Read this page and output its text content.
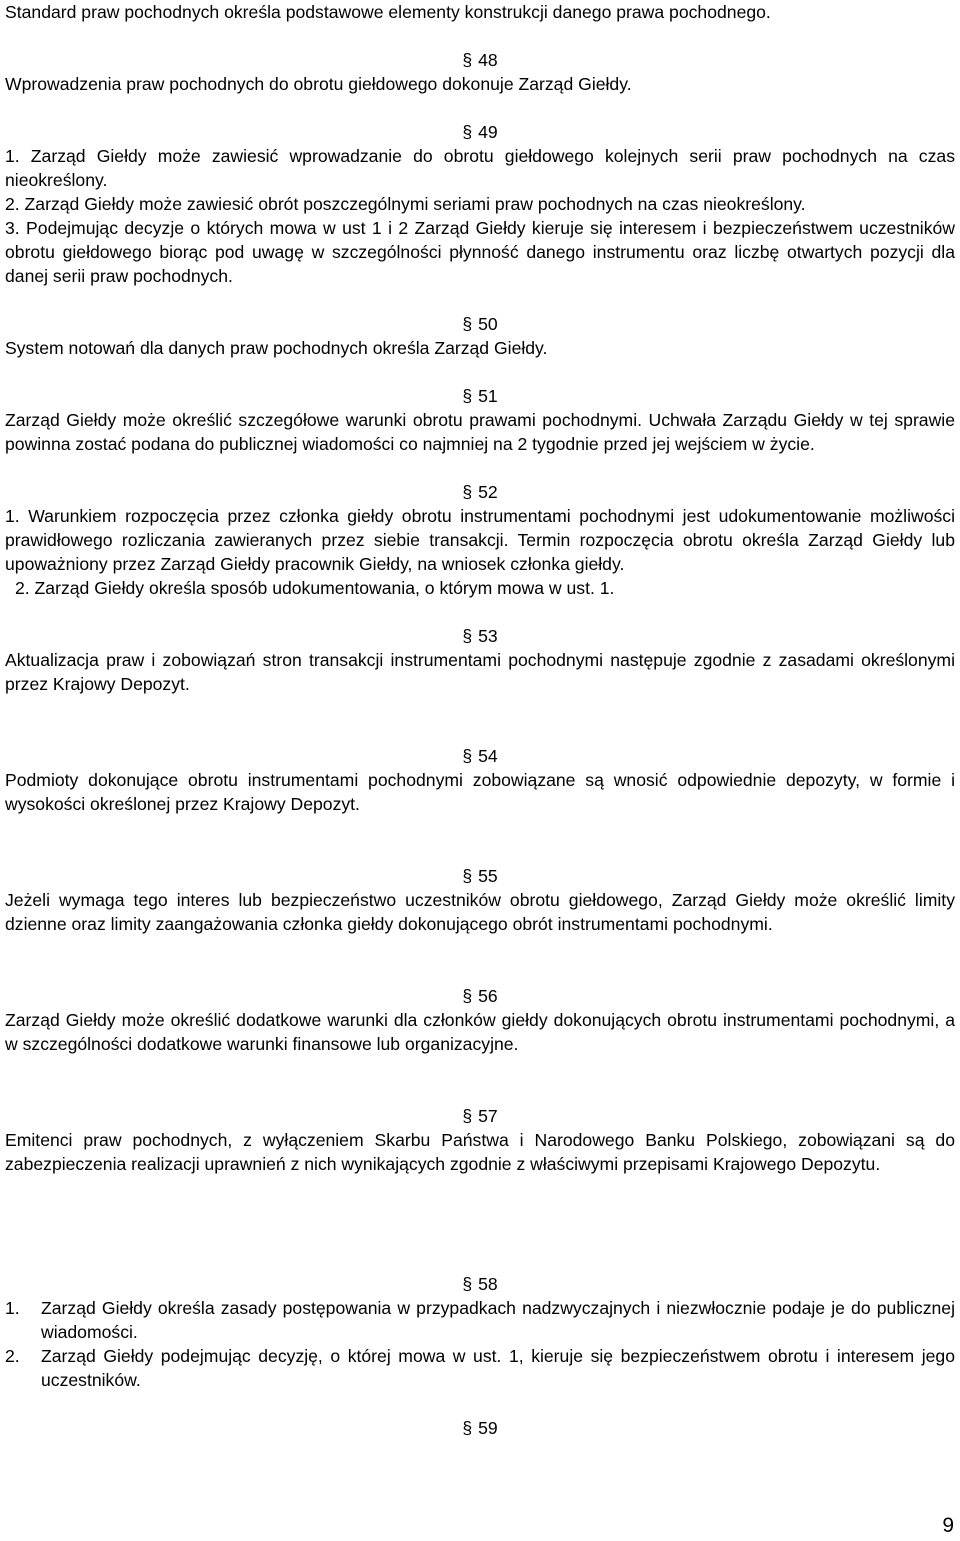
Standard praw pochodnych określa podstawowe elementy konstrukcji danego prawa pochodnego.

§ 48

Wprowadzenia praw pochodnych do obrotu giełdowego dokonuje Zarząd Giełdy.

§ 49

1. Zarząd Giełdy może zawiesić wprowadzanie do obrotu giełdowego kolejnych serii praw pochodnych na czas nieokreślony.

2. Zarząd Giełdy może zawiesić obrót poszczególnymi seriami praw pochodnych na czas nieokreślony.

3. Podejmując decyzje o których mowa w ust 1 i 2 Zarząd Giełdy kieruje się interesem i bezpieczeństwem uczestników obrotu giełdowego biorąc pod uwagę w szczególności płynność danego instrumentu oraz liczbę otwartych pozycji dla danej serii praw pochodnych.

§ 50

System notowań dla danych praw pochodnych określa Zarząd Giełdy.

§ 51

Zarząd Giełdy może określić szczegółowe warunki obrotu prawami pochodnymi. Uchwała Zarządu Giełdy w tej sprawie powinna zostać podana do publicznej wiadomości co najmniej na 2 tygodnie przed jej wejściem w życie.

§ 52

1. Warunkiem rozpoczęcia przez członka giełdy obrotu instrumentami pochodnymi jest udokumentowanie możliwości prawidłowego rozliczania zawieranych przez siebie transakcji. Termin rozpoczęcia obrotu określa Zarząd Giełdy lub upoważniony przez Zarząd Giełdy pracownik Giełdy, na wniosek członka giełdy.

2. Zarząd Giełdy określa sposób udokumentowania, o którym mowa w ust. 1.

§ 53

Aktualizacja praw i zobowiązań stron transakcji instrumentami pochodnymi następuje zgodnie z zasadami określonymi przez Krajowy Depozyt.

§ 54

Podmioty dokonujące obrotu instrumentami pochodnymi zobowiązane są wnosić odpowiednie depozyty, w formie i wysokości określonej przez Krajowy Depozyt.

§ 55

Jeżeli wymaga tego interes lub bezpieczeństwo uczestników obrotu giełdowego, Zarząd Giełdy może określić limity dzienne oraz limity zaangażowania członka giełdy dokonującego obrót instrumentami pochodnymi.

§ 56

Zarząd Giełdy może określić dodatkowe warunki dla członków giełdy dokonujących obrotu instrumentami pochodnymi, a w szczególności dodatkowe warunki finansowe lub organizacyjne.

§ 57

Emitenci praw pochodnych, z wyłączeniem Skarbu Państwa i Narodowego Banku Polskiego, zobowiązani są do zabezpieczenia realizacji uprawnień z nich wynikających zgodnie z właściwymi przepisami Krajowego Depozytu.

§ 58

1.	Zarząd Giełdy określa zasady postępowania w przypadkach nadzwyczajnych i niezwłocznie podaje je do publicznej wiadomości.
2.	Zarząd Giełdy podejmując decyzję, o której mowa w ust. 1, kieruje się bezpieczeństwem obrotu i interesem jego uczestników.

§ 59

9
